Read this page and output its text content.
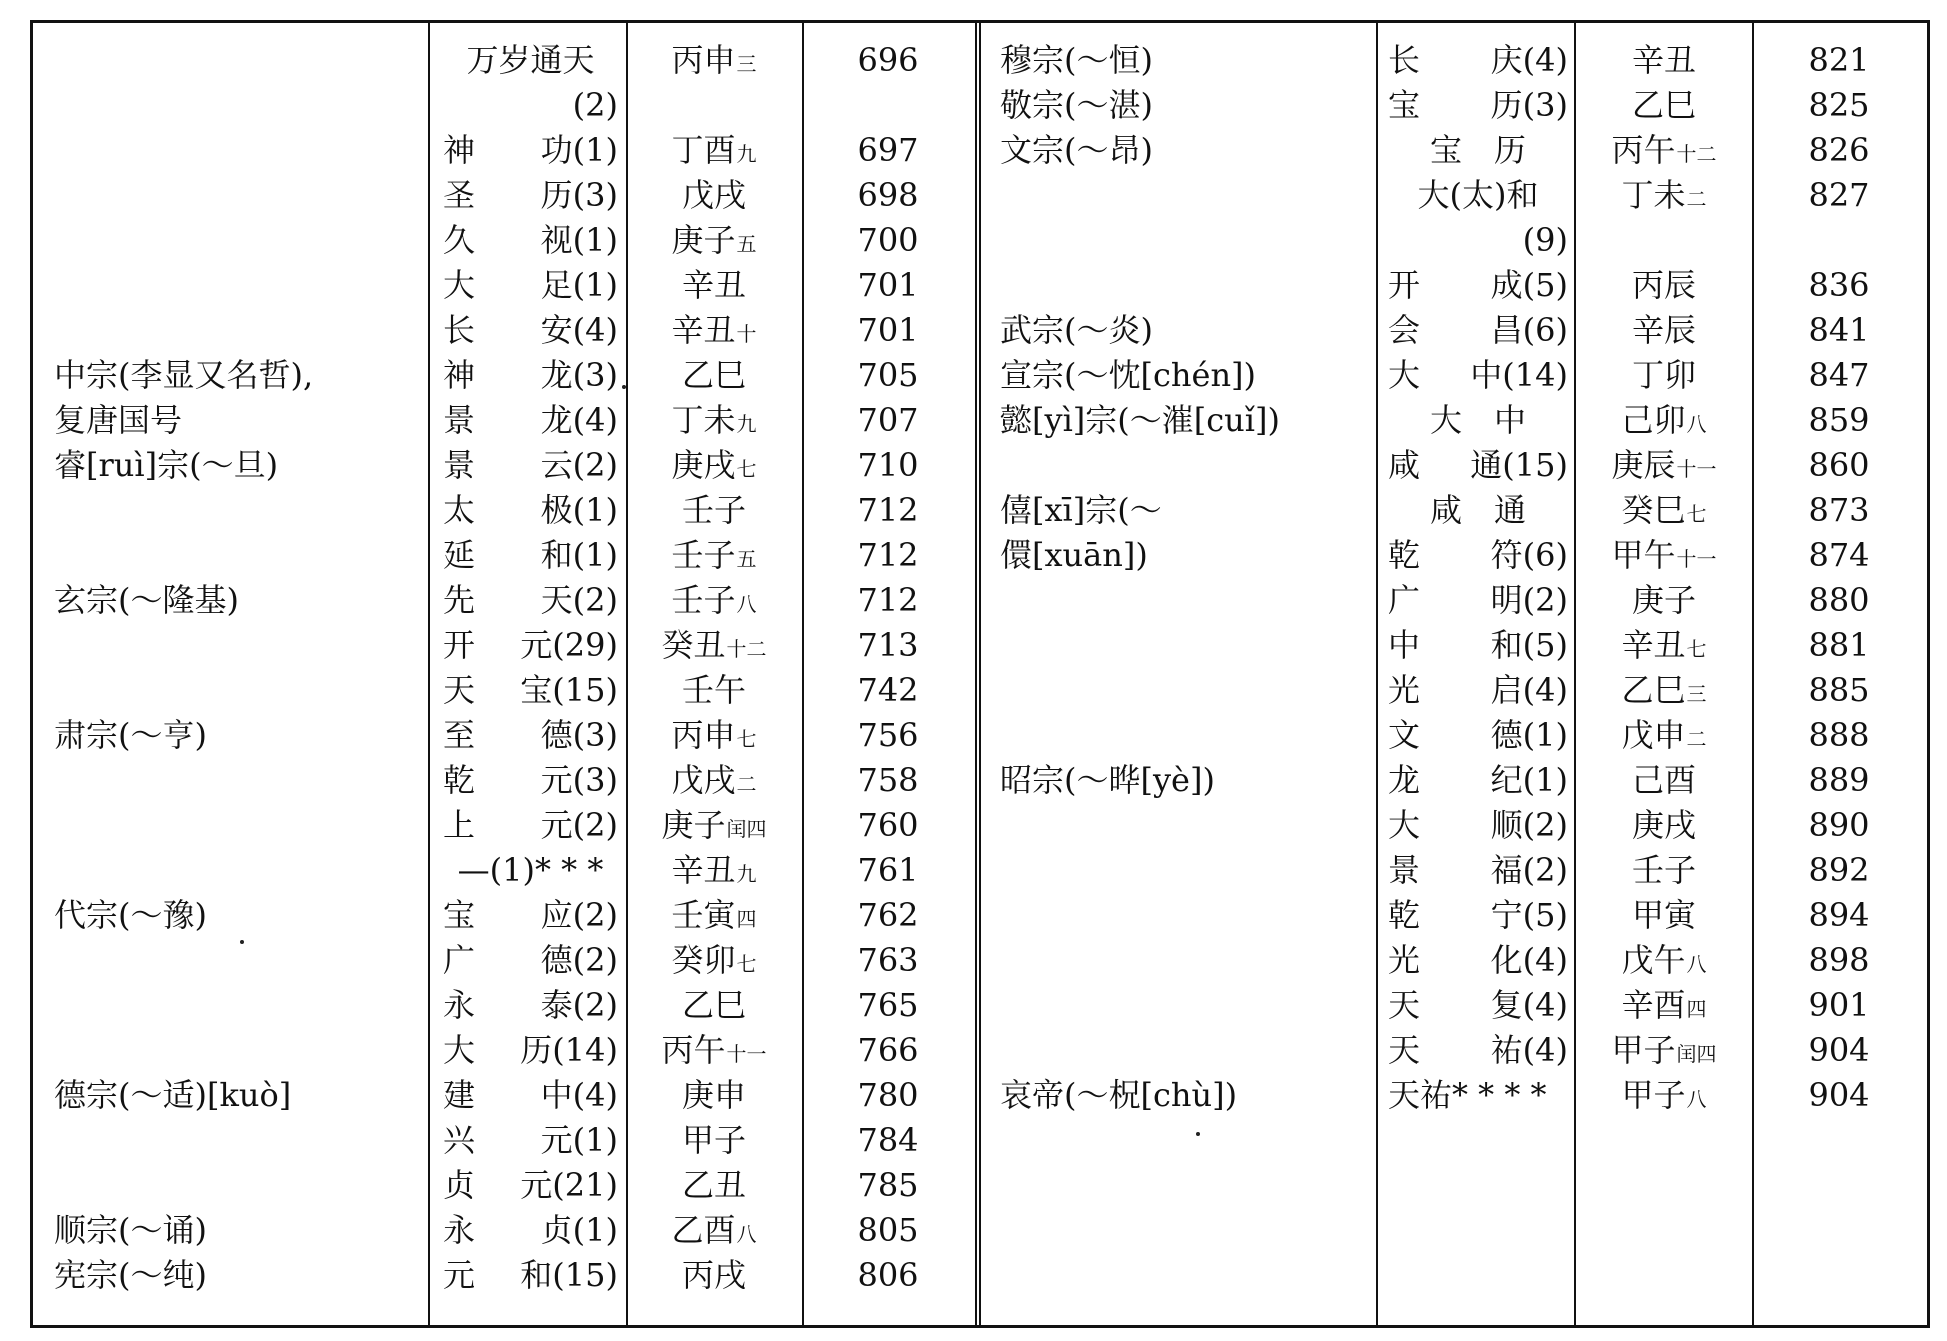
中宗(李显又名哲),
复唐国号
睿[ruì]宗(～旦)
玄宗(～隆基)
肃宗(～亨)
代宗(～豫)
德宗(～适)[kuò]
顺宗(～诵)
宪宗(～纯)
万岁通天
(2)
神 功(1)
圣 历(3)
久 视(1)
大 足(1)
长 安(4)
神 龙(3)
景 龙(4)
景 云(2)
太 极(1)
延 和(1)
先 天(2)
开 元(29)
天 宝(15)
至 德(3)
乾 元(3)
上 元(2)
—(1)* * *
宝 应(2)
广 德(2)
永 泰(2)
大 历(14)
建 中(4)
兴 元(1)
贞 元(21)
永 贞(1)
元 和(15)
丙申三
丁酉九
戊戌
庚子五
辛丑
辛丑十
乙巳
丁未九
庚戌七
壬子
壬子五
壬子八
癸丑十二
壬午
丙申七
戊戌二
庚子闰四
辛丑九
壬寅四
癸卯七
乙巳
丙午十一
庚申
甲子
乙丑
乙酉八
丙戌
696
697
698
700
701
701
705
707
710
712
712
712
713
742
756
758
760
761
762
763
765
766
780
784
785
805
806
穆宗(～恒)
敬宗(～湛)
文宗(～昂)
武宗(～炎)
宣宗(～忱[chén])
懿[yì]宗(～漼[cuǐ])
僖[xī]宗(～
儇[xuān])
昭宗(～晔[yè])
哀帝(～柷[chù])
长 庆(4)
宝 历(3)
宝　历
大(太)和
(9)
开 成(5)
会 昌(6)
大 中(14)
大　中
咸 通(15)
咸　通
乾 符(6)
广 明(2)
中 和(5)
光 启(4)
文 德(1)
龙 纪(1)
大 顺(2)
景 福(2)
乾 宁(5)
光 化(4)
天 复(4)
天 祐(4)
天祐* * * *
辛丑
乙巳
丙午十二
丁未二
丙辰
辛辰
丁卯
己卯八
庚辰十一
癸巳七
甲午十一
庚子
辛丑七
乙巳三
戊申二
己酉
庚戌
壬子
甲寅
戊午八
辛酉四
甲子闰四
甲子八
821
825
826
827
836
841
847
859
860
873
874
880
881
885
888
889
890
892
894
898
901
904
904
